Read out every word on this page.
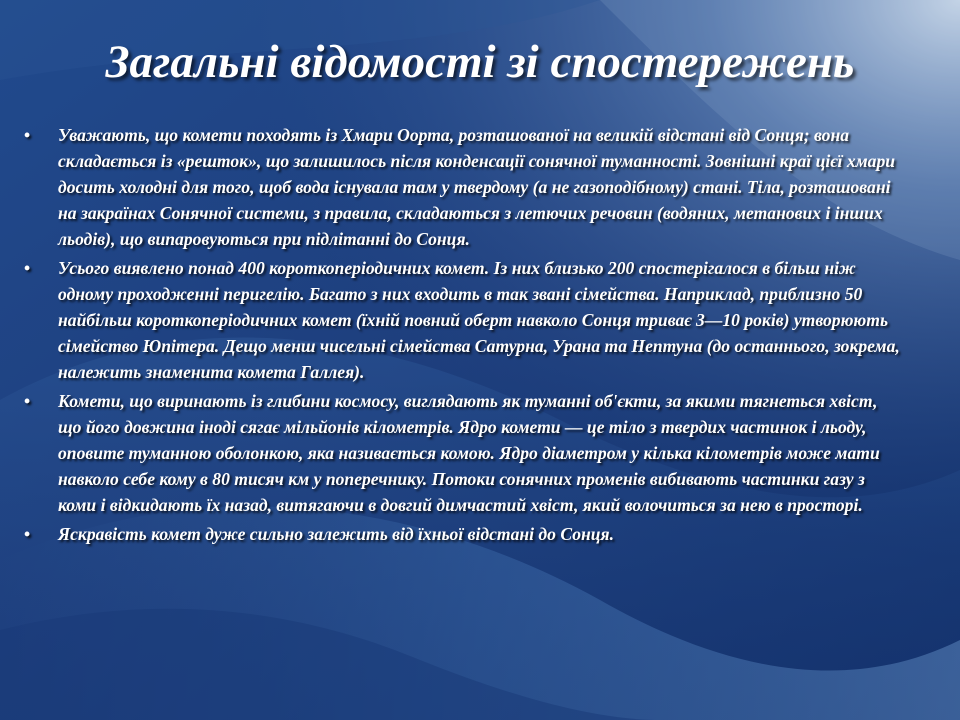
Загальні відомості зі спостережень
• Уважають, що комети походять із Хмари Оорта, розташованої на великій відстані від Сонця; вона складається із «решток», що залишилось після конденсації сонячної туманності. Зовнішні краї цієї хмари досить холодні для того, щоб вода існувала там у твердому (а не газоподібному) стані. Тіла, розташовані на закраїнах Сонячної системи, з правила, складаються з летючих речовин (водяних, метанових і інших льодів), що випаровуються при підлітанні до Сонця.
• Усього виявлено понад 400 короткоперіодичних комет. Із них близько 200 спостерігалося в більш ніж одному проходженні перигелію. Багато з них входить в так звані сімейства. Наприклад, приблизно 50 найбільш короткоперіодичних комет (їхній повний оберт навколо Сонця триває 3—10 років) утворюють сімейство Юпітера. Дещо менш чисельні сімейства Сатурна, Урана та Нептуна (до останнього, зокрема, належить знаменита комета Галлея).
• Комети, що виринають із глибини космосу, виглядають як туманні об'єкти, за якими тягнеться хвіст, що його довжина іноді сягає мільйонів кілометрів. Ядро комети — це тіло з твердих частинок і льоду, оповите туманною оболонкою, яка називається комою. Ядро діаметром у кілька кілометрів може мати навколо себе кому в 80 тисяч км у поперечнику. Потоки сонячних променів вибивають частинки газу з коми і відкидають їх назад, витягаючи в довгий димчастий хвіст, який волочиться за нею в просторі.
• Яскравість комет дуже сильно залежить від їхньої відстані до Сонця.
